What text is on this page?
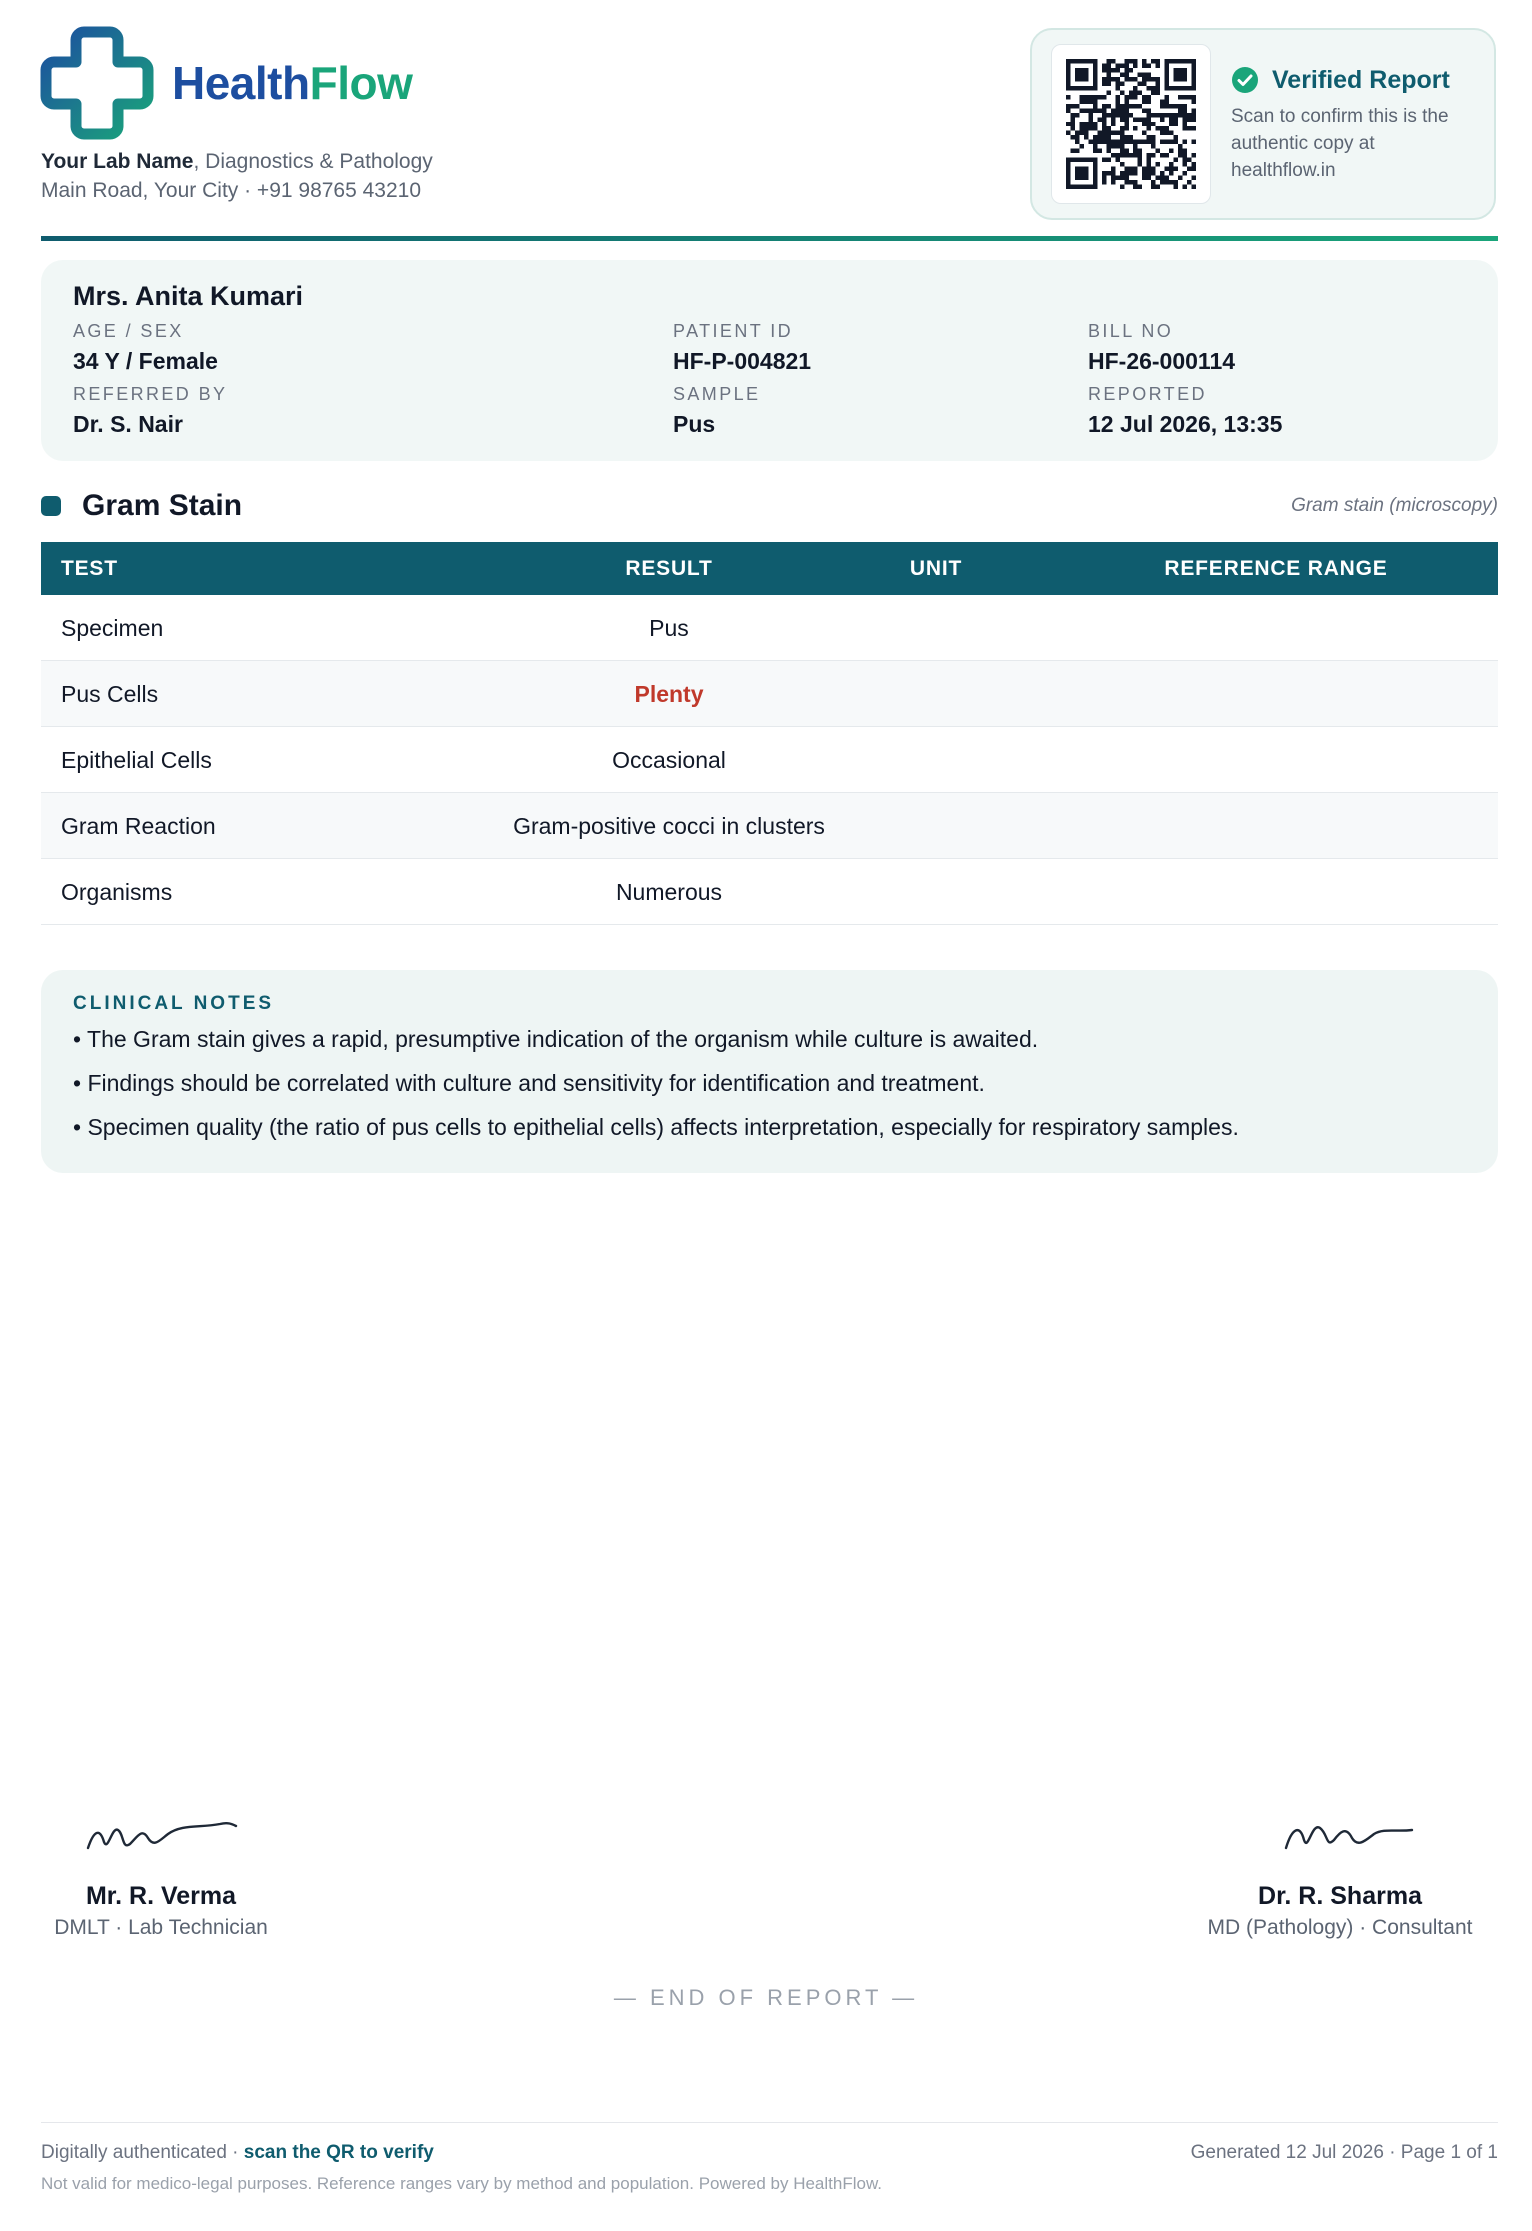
HealthFlow
Your Lab Name, Diagnostics & Pathology
Main Road, Your City · +91 98765 43210
Verified Report
Scan to confirm this is the authentic copy at healthflow.in
Mrs. Anita Kumari
AGE / SEX
34 Y / Female
REFERRED BY
Dr. S. Nair
PATIENT ID
HF-P-004821
SAMPLE
Pus
BILL NO
HF-26-000114
REPORTED
12 Jul 2026, 13:35
Gram Stain	Gram stain (microscopy)
TEST	RESULT	UNIT	REFERENCE RANGE
Specimen	Pus
Pus Cells	Plenty
Epithelial Cells	Occasional
Gram Reaction	Gram-positive cocci in clusters
Organisms	Numerous
CLINICAL NOTES
• The Gram stain gives a rapid, presumptive indication of the organism while culture is awaited.
• Findings should be correlated with culture and sensitivity for identification and treatment.
• Specimen quality (the ratio of pus cells to epithelial cells) affects interpretation, especially for respiratory samples.
Mr. R. Verma
DMLT · Lab Technician
Dr. R. Sharma
MD (Pathology) · Consultant
— END OF REPORT —
Digitally authenticated · scan the QR to verify	Generated 12 Jul 2026 · Page 1 of 1
Not valid for medico-legal purposes. Reference ranges vary by method and population. Powered by HealthFlow.
